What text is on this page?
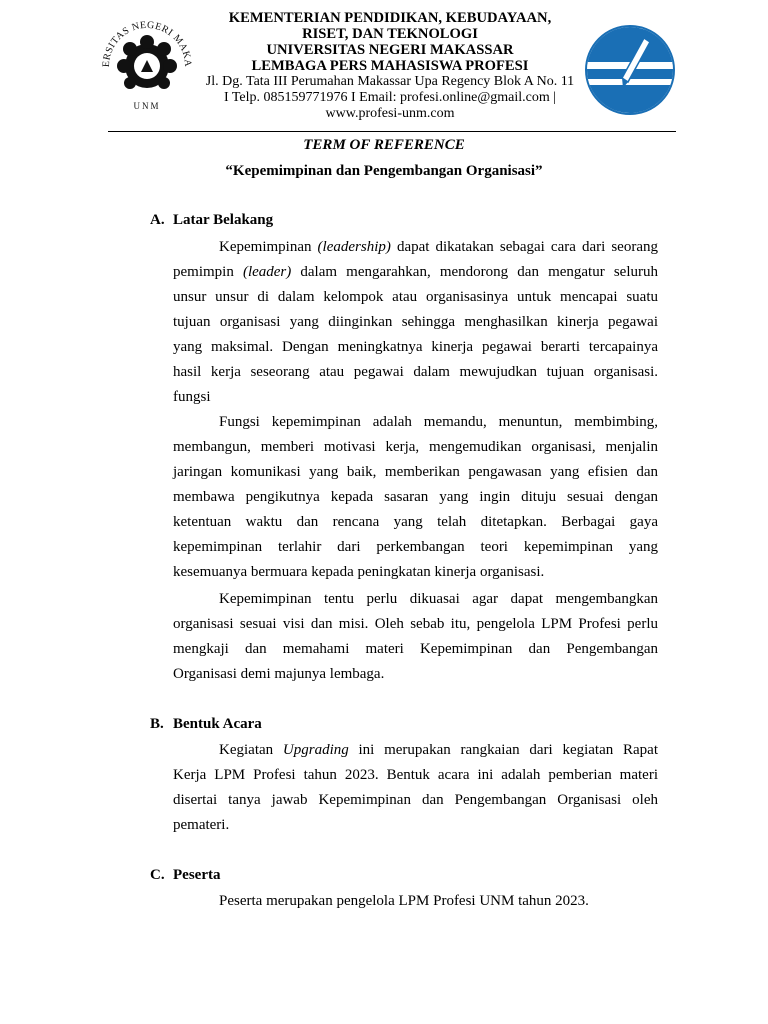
ERSITAS NEGERI MAKA
UNM

KEMENTERIAN PENDIDIKAN, KEBUDAYAAN,

RISET, DAN TEKNOLOGI

UNIVERSITAS NEGERI MAKASSAR

LEMBAGA PERS MAHASISWA PROFESI

Jl. Dg. Tata III Perumahan Makassar Upa Regency Blok A No. 11

I Telp. 085159771976 I Email: profesi.online@gmail.com |

www.profesi-unm.com

TERM OF REFERENCE
“Kepemimpinan dan Pengembangan Organisasi”
A. Latar Belakang
Kepemimpinan (leadership) dapat dikatakan sebagai cara dari seorang
pemimpin (leader) dalam mengarahkan, mendorong dan mengatur seluruh
unsur unsur di dalam kelompok atau organisasinya untuk mencapai suatu
tujuan organisasi yang diinginkan sehingga menghasilkan kinerja pegawai
yang maksimal. Dengan meningkatnya kinerja pegawai berarti tercapainya
hasil kerja seseorang atau pegawai dalam mewujudkan tujuan organisasi.
fungsi
Fungsi kepemimpinan adalah memandu, menuntun, membimbing,
membangun, memberi motivasi kerja, mengemudikan organisasi, menjalin
jaringan komunikasi yang baik, memberikan pengawasan yang efisien dan
membawa pengikutnya kepada sasaran yang ingin dituju sesuai dengan
ketentuan waktu dan rencana yang telah ditetapkan. Berbagai gaya
kepemimpinan terlahir dari perkembangan teori kepemimpinan yang
kesemuanya bermuara kepada peningkatan kinerja organisasi.
Kepemimpinan tentu perlu dikuasai agar dapat mengembangkan
organisasi sesuai visi dan misi. Oleh sebab itu, pengelola LPM Profesi perlu
mengkaji dan memahami materi Kepemimpinan dan Pengembangan
Organisasi demi majunya lembaga.
B. Bentuk Acara
Kegiatan Upgrading ini merupakan rangkaian dari kegiatan Rapat
Kerja LPM Profesi tahun 2023. Bentuk acara ini adalah pemberian materi
disertai tanya jawab Kepemimpinan dan Pengembangan Organisasi oleh
pemateri.
C. Peserta
Peserta merupakan pengelola LPM Profesi UNM tahun 2023.
